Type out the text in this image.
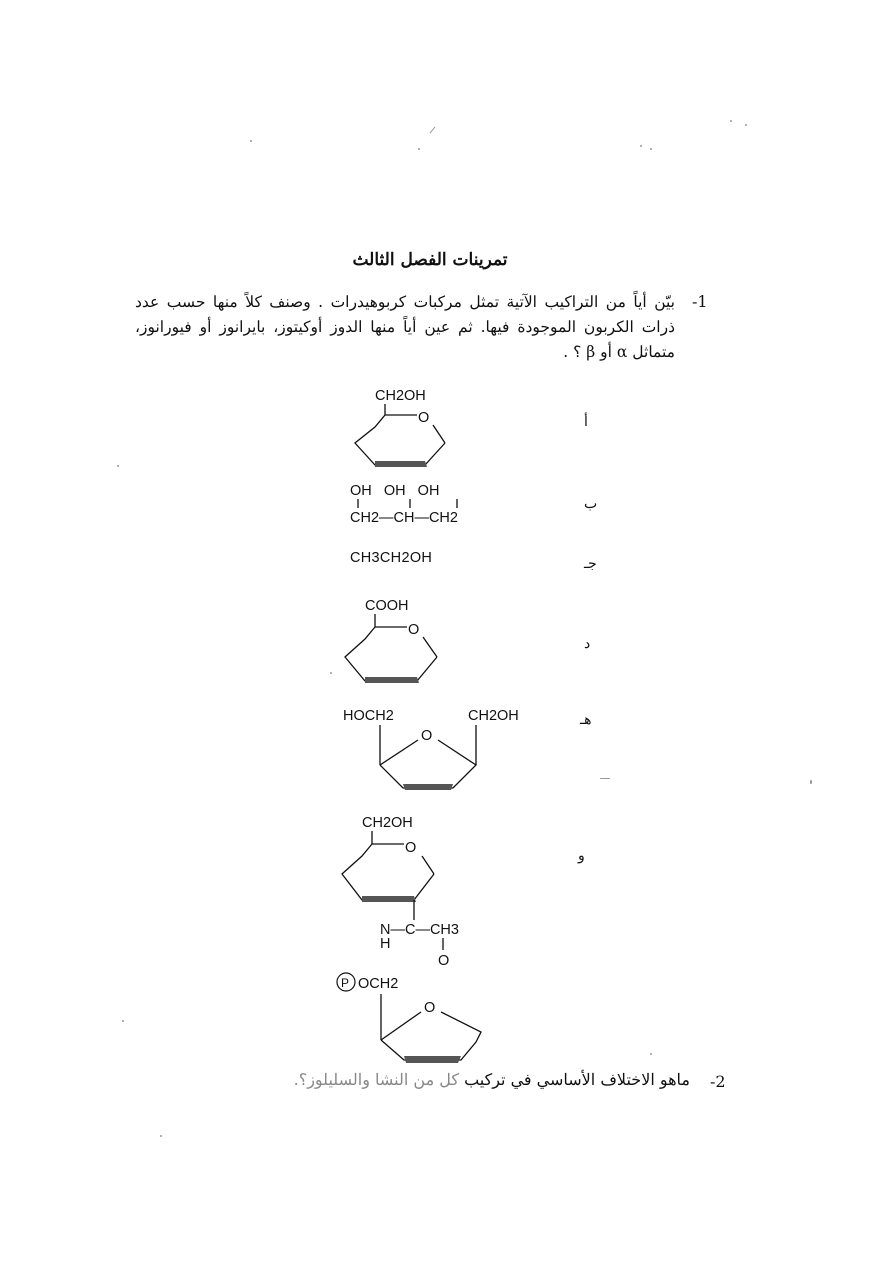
تمرينات الفصل الثالث
-1
بيّن أياً من التراكيب الآتية تمثل مركبات كربوهيدرات . وصنف كلاً منها حسب عدد ذرات الكربون الموجودة فيها. ثم عين أياً منها الدوز أوكيتوز، بايرانوز أو فيورانوز، متماثل α أو β ؟ .
أ
ب
جـ
د
هـ
و
CH2OH
O
OH   OH   OH
CH2—CH—CH2
CH3CH2OH
COOH
O
HOCH2	CH2OH
O
CH2OH
O
N—C—CH3
H
O
P OCH2
O
-2
ماهو الاختلاف الأساسي في تركيب كل من النشا والسليلوز؟.
